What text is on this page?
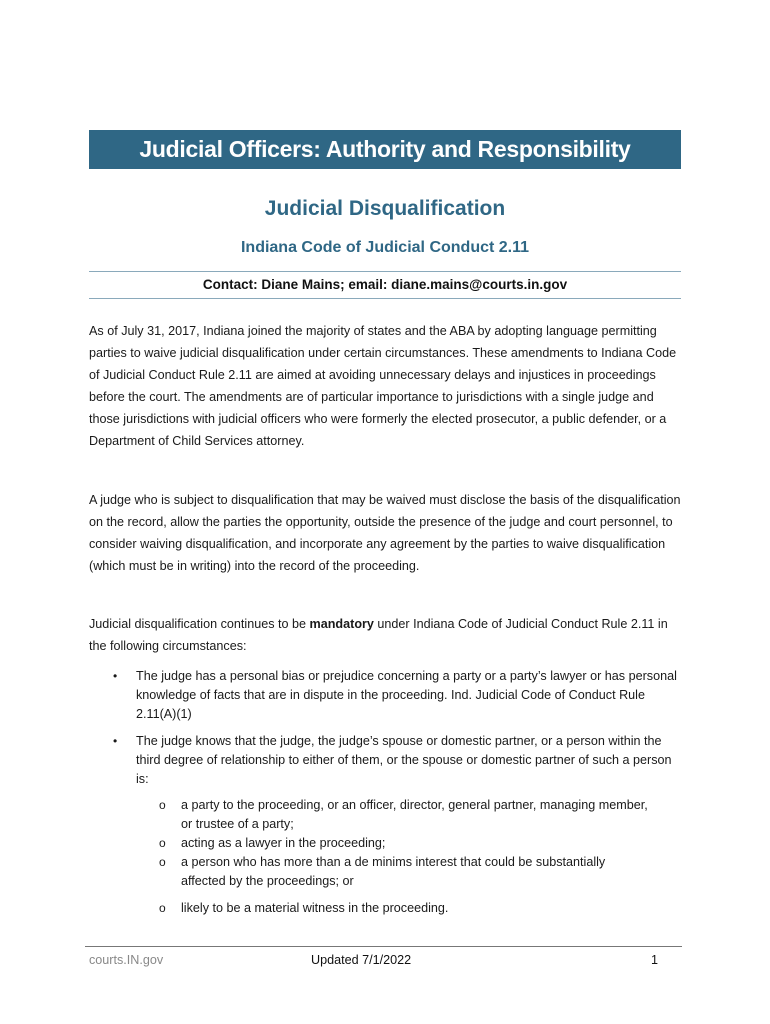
Judicial Officers: Authority and Responsibility
Judicial Disqualification
Indiana Code of Judicial Conduct 2.11
Contact: Diane Mains; email: diane.mains@courts.in.gov

As of July 31, 2017, Indiana joined the majority of states and the ABA by adopting language permitting parties to waive judicial disqualification under certain circumstances. These amendments to Indiana Code of Judicial Conduct Rule 2.11 are aimed at avoiding unnecessary delays and injustices in proceedings before the court. The amendments are of particular importance to jurisdictions with a single judge and those jurisdictions with judicial officers who were formerly the elected prosecutor, a public defender, or a Department of Child Services attorney.

A judge who is subject to disqualification that may be waived must disclose the basis of the disqualification on the record, allow the parties the opportunity, outside the presence of the judge and court personnel, to consider waiving disqualification, and incorporate any agreement by the parties to waive disqualification (which must be in writing) into the record of the proceeding.

Judicial disqualification continues to be mandatory under Indiana Code of Judicial Conduct Rule 2.11 in the following circumstances:

• The judge has a personal bias or prejudice concerning a party or a party’s lawyer or has personal knowledge of facts that are in dispute in the proceeding. Ind. Judicial Code of Conduct Rule 2.11(A)(1)
• The judge knows that the judge, the judge’s spouse or domestic partner, or a person within the third degree of relationship to either of them, or the spouse or domestic partner of such a person is:
o a party to the proceeding, or an officer, director, general partner, managing member, or trustee of a party;
o acting as a lawyer in the proceeding;
o a person who has more than a de minims interest that could be substantially affected by the proceedings; or
o likely to be a material witness in the proceeding.
courts.IN.gov	Updated 7/1/2022	1
